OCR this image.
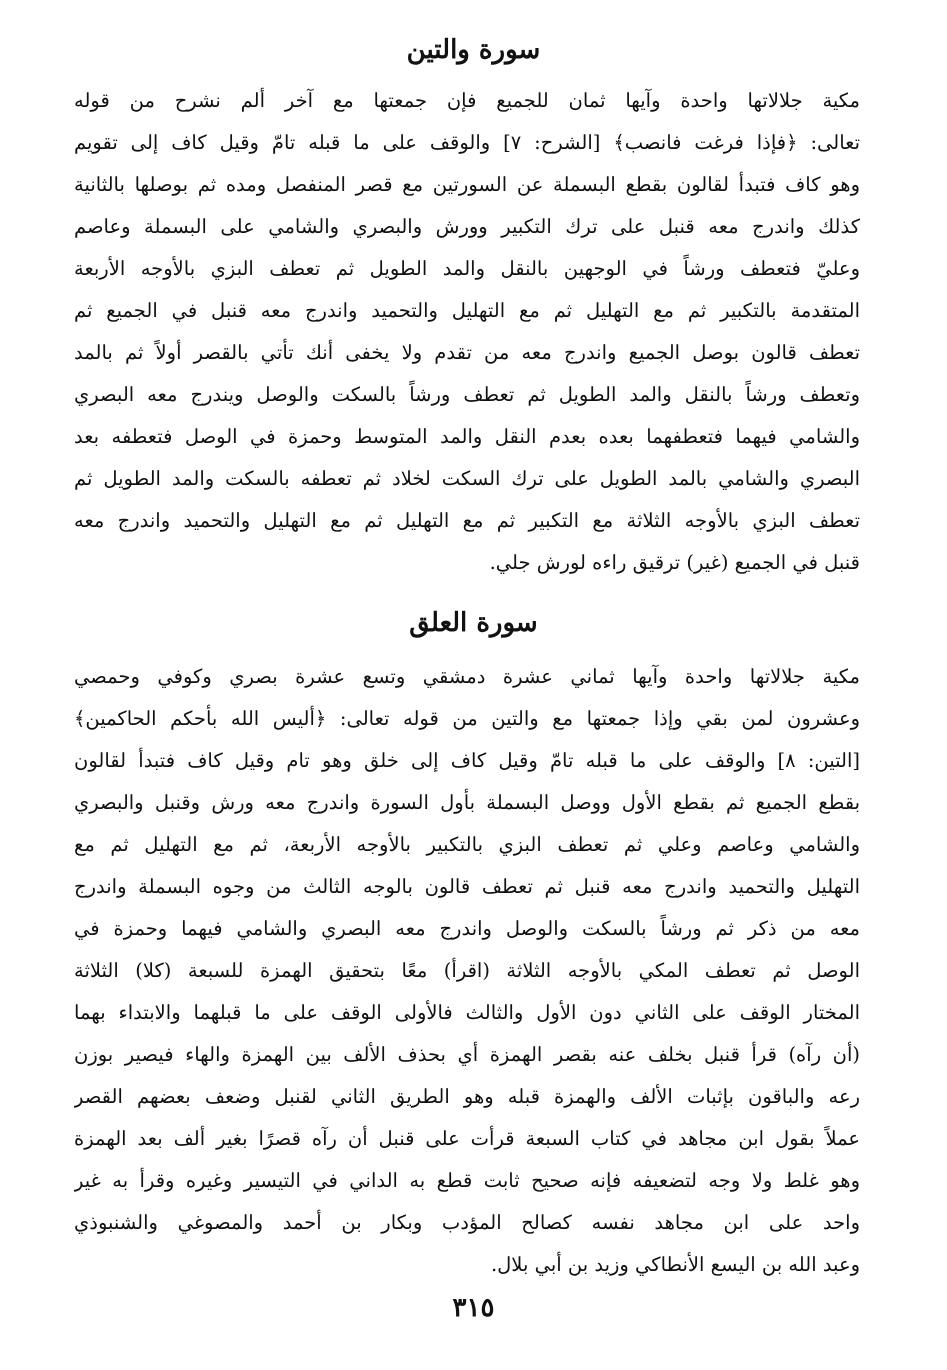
سورة والتين
مكية جلالاتها واحدة وآيها ثمان للجميع فإن جمعتها مع آخر ألم نشرح من قوله
تعالى: ﴿فإذا فرغت فانصب﴾ [الشرح: ٧] والوقف على ما قبله تامّ وقيل كاف إلى تقويم
وهو كاف فتبدأ لقالون بقطع البسملة عن السورتين مع قصر المنفصل ومده ثم بوصلها بالثانية
كذلك واندرج معه قنبل على ترك التكبير وورش والبصري والشامي على البسملة وعاصم
وعليّ فتعطف ورشاً في الوجهين بالنقل والمد الطويل ثم تعطف البزي بالأوجه الأربعة
المتقدمة بالتكبير ثم مع التهليل ثم مع التهليل والتحميد واندرج معه قنبل في الجميع ثم
تعطف قالون بوصل الجميع واندرج معه من تقدم ولا يخفى أنك تأتي بالقصر أولاً ثم بالمد
وتعطف ورشاً بالنقل والمد الطويل ثم تعطف ورشاً بالسكت والوصل ويندرج معه البصري
والشامي فيهما فتعطفهما بعده بعدم النقل والمد المتوسط وحمزة في الوصل فتعطفه بعد
البصري والشامي بالمد الطويل على ترك السكت لخلاد ثم تعطفه بالسكت والمد الطويل ثم
تعطف البزي بالأوجه الثلاثة مع التكبير ثم مع التهليل ثم مع التهليل والتحميد واندرج معه
قنبل في الجميع (غير) ترقيق راءه لورش جلي.
سورة العلق
مكية جلالاتها واحدة وآيها ثماني عشرة دمشقي وتسع عشرة بصري وكوفي وحمصي
وعشرون لمن بقي وإذا جمعتها مع والتين من قوله تعالى: ﴿أليس الله بأحكم الحاكمين﴾
[التين: ٨] والوقف على ما قبله تامّ وقيل كاف إلى خلق وهو تام وقيل كاف فتبدأ لقالون
بقطع الجميع ثم بقطع الأول ووصل البسملة بأول السورة واندرج معه ورش وقنبل والبصري
والشامي وعاصم وعلي ثم تعطف البزي بالتكبير بالأوجه الأربعة، ثم مع التهليل ثم مع
التهليل والتحميد واندرج معه قنبل ثم تعطف قالون بالوجه الثالث من وجوه البسملة واندرج
معه من ذكر ثم ورشاً بالسكت والوصل واندرج معه البصري والشامي فيهما وحمزة في
الوصل ثم تعطف المكي بالأوجه الثلاثة (اقرأ) معًا بتحقيق الهمزة للسبعة (كلا) الثلاثة
المختار الوقف على الثاني دون الأول والثالث فالأولى الوقف على ما قبلهما والابتداء بهما
(أن رآه) قرأ قنبل بخلف عنه بقصر الهمزة أي بحذف الألف بين الهمزة والهاء فيصير بوزن
رعه والباقون بإثبات الألف والهمزة قبله وهو الطريق الثاني لقنبل وضعف بعضهم القصر
عملاً بقول ابن مجاهد في كتاب السبعة قرأت على قنبل أن رآه قصرًا بغير ألف بعد الهمزة
وهو غلط ولا وجه لتضعيفه فإنه صحيح ثابت قطع به الداني في التيسير وغيره وقرأ به غير
واحد على ابن مجاهد نفسه كصالح المؤدب وبكار بن أحمد والمصوغي والشنبوذي
وعبد الله بن اليسع الأنطاكي وزيد بن أبي بلال.
٣١٥
